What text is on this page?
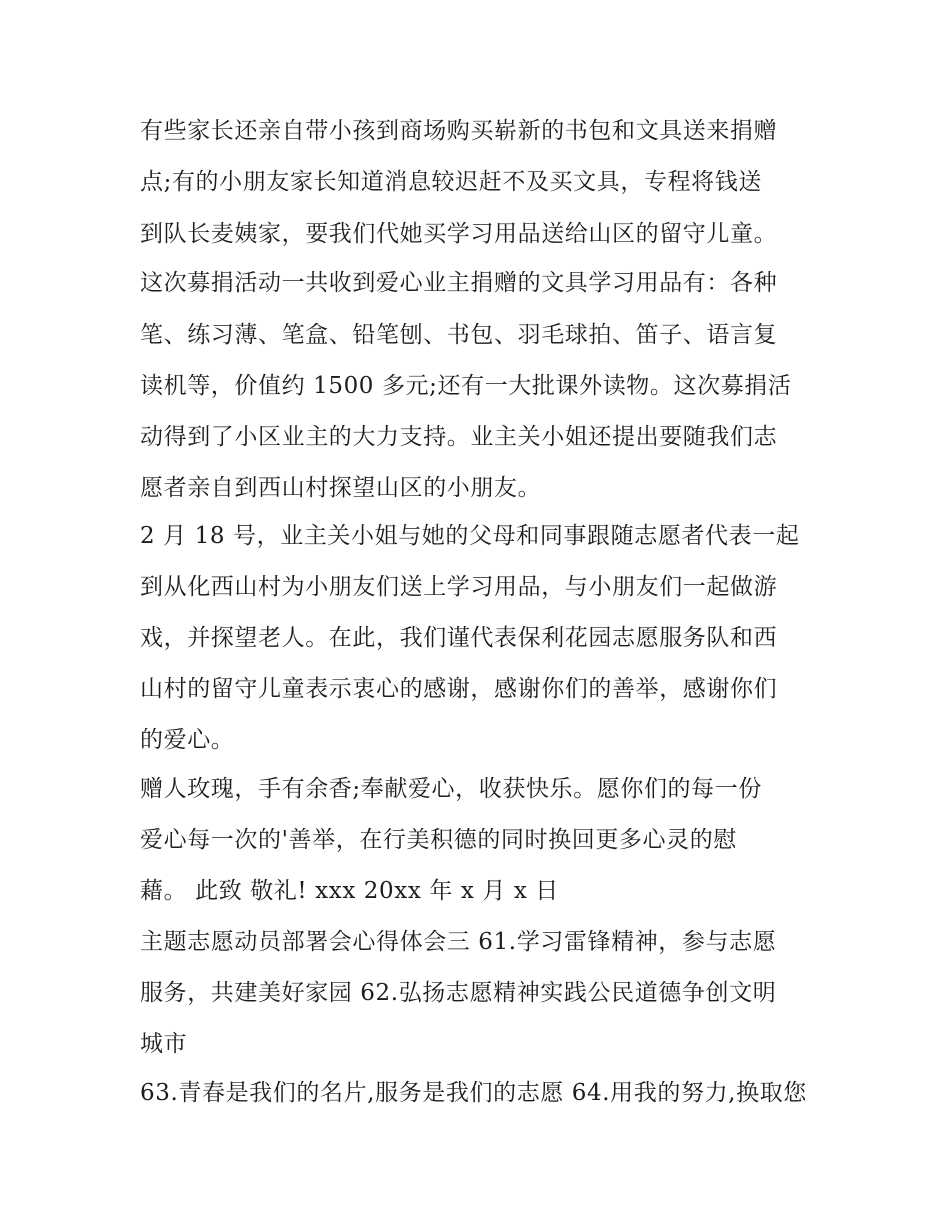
有些家长还亲自带小孩到商场购买崭新的书包和文具送来捐赠
点;有的小朋友家长知道消息较迟赶不及买文具，专程将钱送
到队长麦姨家，要我们代她买学习用品送给山区的留守儿童。
这次募捐活动一共收到爱心业主捐赠的文具学习用品有：各种
笔、练习薄、笔盒、铅笔刨、书包、羽毛球拍、笛子、语言复
读机等，价值约 1500 多元;还有一大批课外读物。这次募捐活
动得到了小区业主的大力支持。业主关小姐还提出要随我们志
愿者亲自到西山村探望山区的小朋友。
2 月 18 号，业主关小姐与她的父母和同事跟随志愿者代表一起
到从化西山村为小朋友们送上学习用品，与小朋友们一起做游
戏，并探望老人。在此，我们谨代表保利花园志愿服务队和西
山村的留守儿童表示衷心的感谢，感谢你们的善举，感谢你们
的爱心。
赠人玫瑰，手有余香;奉献爱心，收获快乐。愿你们的每一份
爱心每一次的'善举，在行美积德的同时换回更多心灵的慰
藉。 此致 敬礼! xxx 20xx 年 x 月 x 日
主题志愿动员部署会心得体会三 61.学习雷锋精神，参与志愿
服务，共建美好家园 62.弘扬志愿精神实践公民道德争创文明
城市
63.青春是我们的名片,服务是我们的志愿 64.用我的努力,换取您
